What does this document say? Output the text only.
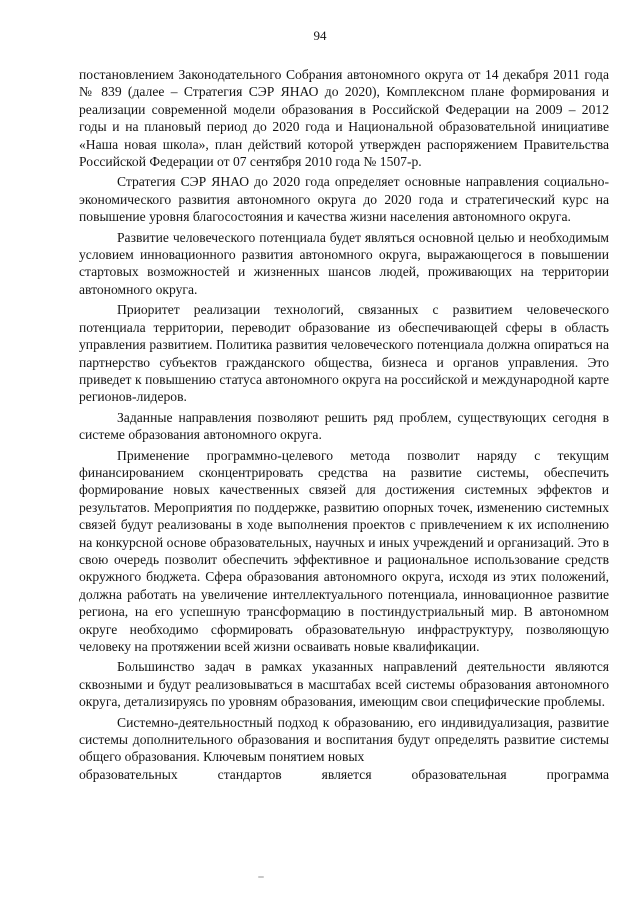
94

постановлением Законодательного Собрания автономного округа от 14 декабря 2011 года № 839 (далее – Стратегия СЭР ЯНАО до 2020), Комплексном плане формирования и реализации современной модели образования в Российской Федерации на 2009 – 2012 годы и на плановый период до 2020 года и Национальной образовательной инициативе «Наша новая школа», план действий которой утвержден распоряжением Правительства Российской Федерации от 07 сентября 2010 года № 1507-р.

Стратегия СЭР ЯНАО до 2020 года определяет основные направления социально-экономического развития автономного округа до 2020 года и стратегический курс на повышение уровня благосостояния и качества жизни населения автономного округа.

Развитие человеческого потенциала будет являться основной целью и необходимым условием инновационного развития автономного округа, выражающегося в повышении стартовых возможностей и жизненных шансов людей, проживающих на территории автономного округа.

Приоритет реализации технологий, связанных с развитием человеческого потенциала территории, переводит образование из обеспечивающей сферы в область управления развитием. Политика развития человеческого потенциала должна опираться на партнерство субъектов гражданского общества, бизнеса и органов управления. Это приведет к повышению статуса автономного округа на российской и международной карте регионов-лидеров.

Заданные направления позволяют решить ряд проблем, существующих сегодня в системе образования автономного округа.

Применение программно-целевого метода позволит наряду с текущим финансированием сконцентрировать средства на развитие системы, обеспечить формирование новых качественных связей для достижения системных эффектов и результатов. Мероприятия по поддержке, развитию опорных точек, изменению системных связей будут реализованы в ходе выполнения проектов с привлечением к их исполнению на конкурсной основе образовательных, научных и иных учреждений и организаций. Это в свою очередь позволит обеспечить эффективное и рациональное использование средств окружного бюджета. Сфера образования автономного округа, исходя из этих положений, должна работать на увеличение интеллектуального потенциала, инновационное развитие региона, на его успешную трансформацию в постиндустриальный мир. В автономном округе необходимо сформировать образовательную инфраструктуру, позволяющую человеку на протяжении всей жизни осваивать новые квалификации.

Большинство задач в рамках указанных направлений деятельности являются сквозными и будут реализовываться в масштабах всей системы образования автономного округа, детализируясь по уровням образования, имеющим свои специфические проблемы.

Системно-деятельностный подход к образованию, его индивидуализация, развитие системы дополнительного образования и воспитания будут определять развитие системы общего образования. Ключевым понятием новых

образовательных	стандартов	является	образовательная	программа
